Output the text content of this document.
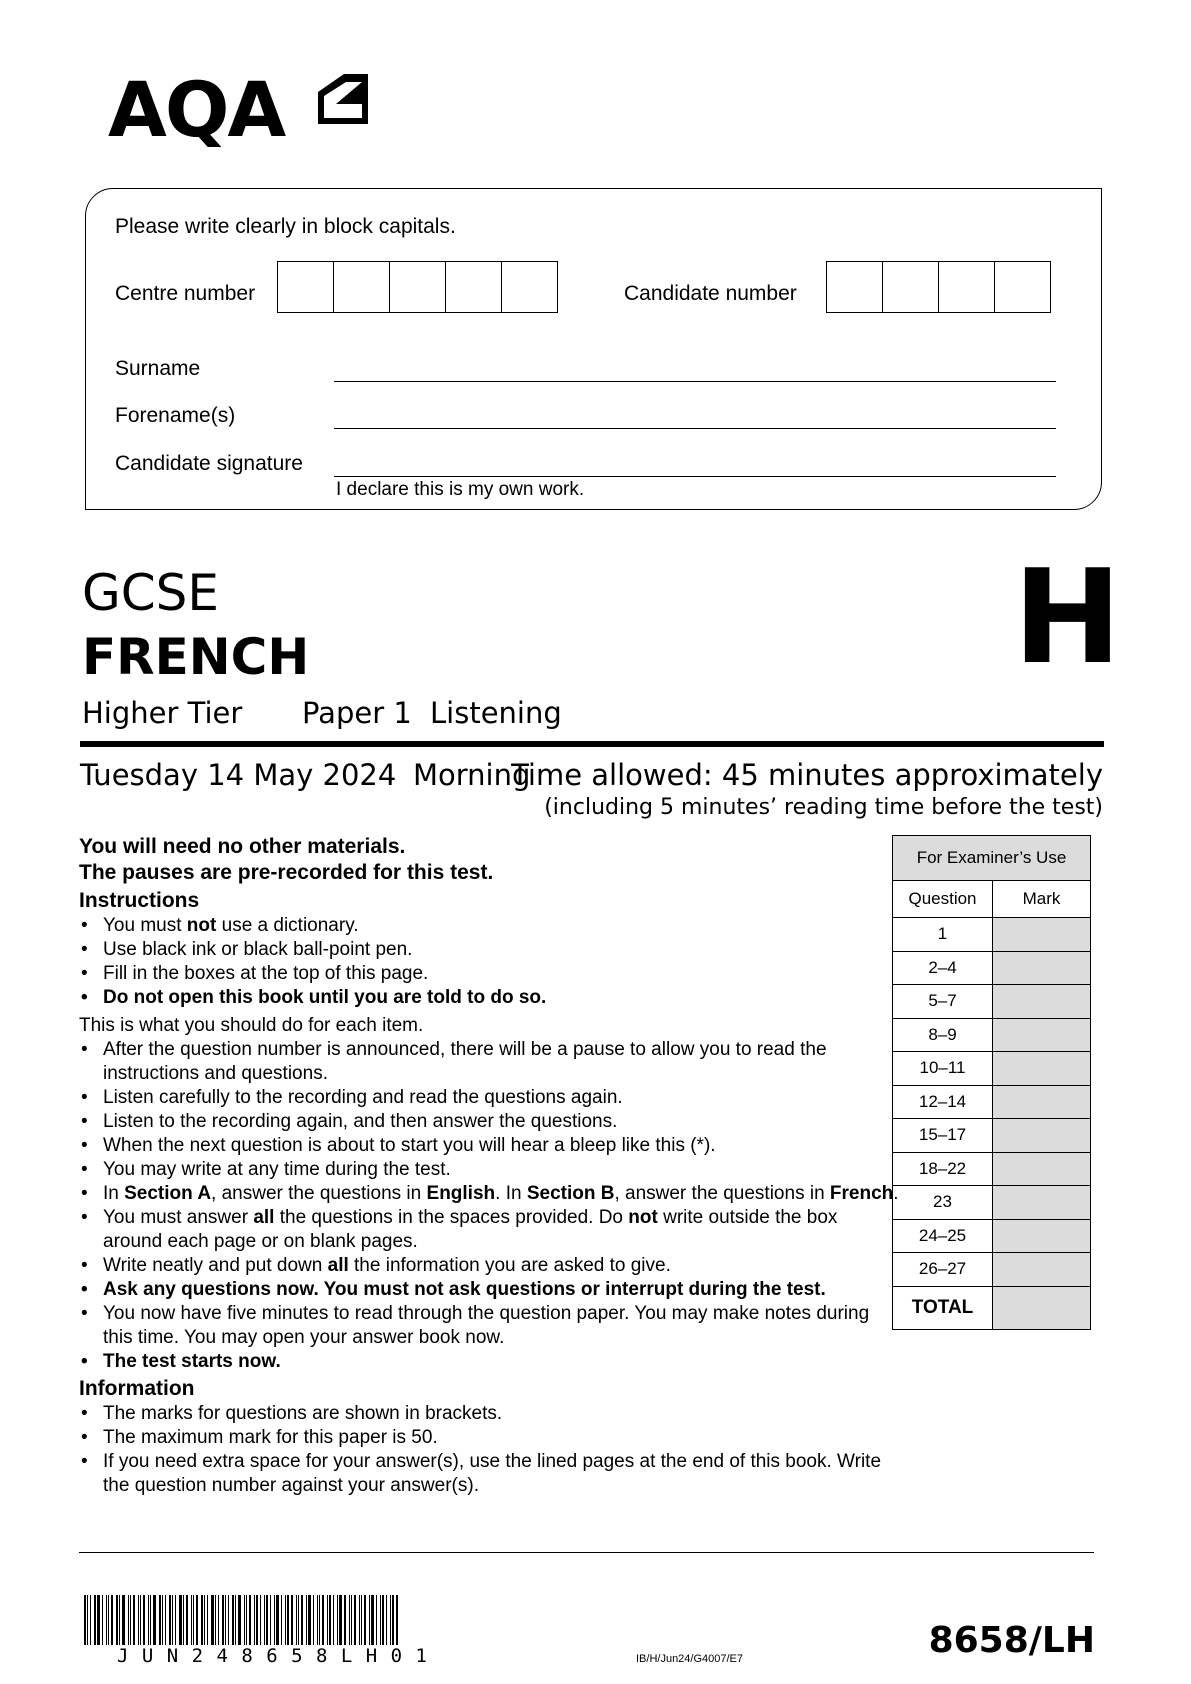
AQA
Please write clearly in block capitals.
Centre number	Candidate number
Surname
Forename(s)
Candidate signature
I declare this is my own work.
GCSE
FRENCH	H
Higher Tier Paper 1 Listening
Tuesday 14 May 2024 Morning
Time allowed: 45 minutes approximately
(including 5 minutes’ reading time before the test)
You will need no other materials.
The pauses are pre-recorded for this test.
Instructions
• You must not use a dictionary.
• Use black ink or black ball-point pen.
• Fill in the boxes at the top of this page.
• Do not open this book until you are told to do so.
This is what you should do for each item.
• After the question number is announced, there will be a pause to allow you to read the instructions and questions.
• Listen carefully to the recording and read the questions again.
• Listen to the recording again, and then answer the questions.
• When the next question is about to start you will hear a bleep like this (*).
• You may write at any time during the test.
• In Section A, answer the questions in English. In Section B, answer the questions in French.
• You must answer all the questions in the spaces provided. Do not write outside the box around each page or on blank pages.
• Write neatly and put down all the information you are asked to give.
• Ask any questions now. You must not ask questions or interrupt during the test.
• You now have five minutes to read through the question paper. You may make notes during this time. You may open your answer book now.
• The test starts now.
Information
• The marks for questions are shown in brackets.
• The maximum mark for this paper is 50.
• If you need extra space for your answer(s), use the lined pages at the end of this book. Write the question number against your answer(s).
For Examiner’s Use	
Question	Mark
1	
2–4	
5–7	
8–9	
10–11	
12–14	
15–17	
18–22	
23	
24–25	
26–27	
TOTAL	
J U N 2 4 8 6 5 8 L H 0 1	IB/H/Jun24/G4007/E7	8658/LH
